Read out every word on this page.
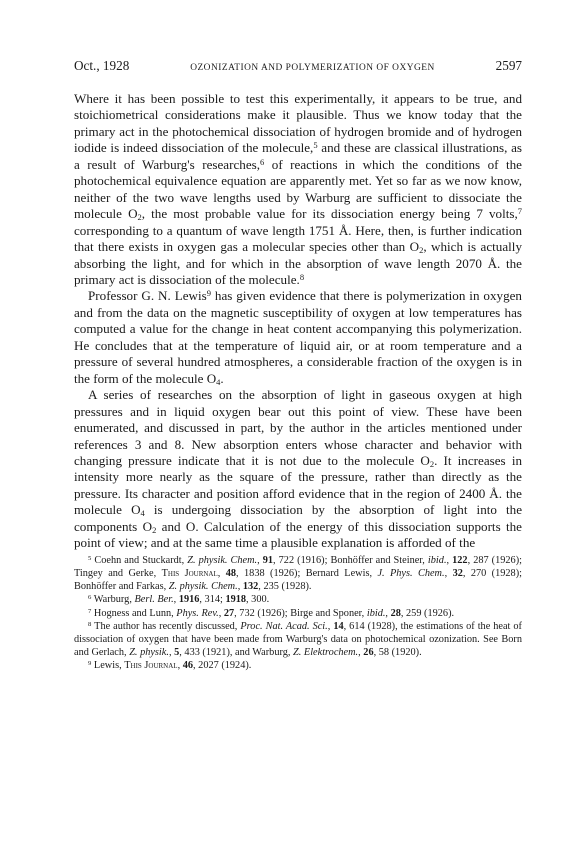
Oct., 1928	OZONIZATION AND POLYMERIZATION OF OXYGEN	2597

Where it has been possible to test this experimentally, it appears to be true, and stoichiometrical considerations make it plausible. Thus we know today that the primary act in the photochemical dissociation of hydrogen bromide and of hydrogen iodide is indeed dissociation of the molecule,$^5$ and these are classical illustrations, as a result of Warburg's researches,$^6$ of reactions in which the conditions of the photochemical equivalence equation are apparently met. Yet so far as we now know, neither of the two wave lengths used by Warburg are sufficient to dissociate the molecule $O_2$, the most probable value for its dissociation energy being 7 volts,$^7$ corresponding to a quantum of wave length 1751 Å. Here, then, is further indication that there exists in oxygen gas a molecular species other than $O_2$, which is actually absorbing the light, and for which in the absorption of wave length 2070 Å. the primary act is dissociation of the molecule.$^8$

Professor G. N. Lewis$^9$ has given evidence that there is polymerization in oxygen and from the data on the magnetic susceptibility of oxygen at low temperatures has computed a value for the change in heat content accompanying this polymerization. He concludes that at the temperature of liquid air, or at room temperature and a pressure of several hundred atmospheres, a considerable fraction of the oxygen is in the form of the molecule $O_4$.

A series of researches on the absorption of light in gaseous oxygen at high pressures and in liquid oxygen bear out this point of view. These have been enumerated, and discussed in part, by the author in the articles mentioned under references 3 and 8. New absorption enters whose character and behavior with changing pressure indicate that it is not due to the molecule $O_2$. It increases in intensity more nearly as the square of the pressure, rather than directly as the pressure. Its character and position afford evidence that in the region of 2400 Å. the molecule $O_4$ is undergoing dissociation by the absorption of light into the components $O_2$ and O. Calculation of the energy of this dissociation supports the point of view; and at the same time a plausible explanation is afforded of the

$^5$ Coehn and Stuckardt, Z. physik. Chem., 91, 722 (1916); Bonhöffer and Steiner, ibid., 122, 287 (1926); Tingey and Gerke, This Journal, 48, 1838 (1926); Bernard Lewis, J. Phys. Chem., 32, 270 (1928); Bonhöffer and Farkas, Z. physik. Chem., 132, 235 (1928).

$^6$ Warburg, Berl. Ber., 1916, 314; 1918, 300.

$^7$ Hogness and Lunn, Phys. Rev., 27, 732 (1926); Birge and Sponer, ibid., 28, 259 (1926).

$^8$ The author has recently discussed, Proc. Nat. Acad. Sci., 14, 614 (1928), the estimations of the heat of dissociation of oxygen that have been made from Warburg's data on photochemical ozonization. See Born and Gerlach, Z. physik., 5, 433 (1921), and Warburg, Z. Elektrochem., 26, 58 (1920).

$^9$ Lewis, This Journal, 46, 2027 (1924).
